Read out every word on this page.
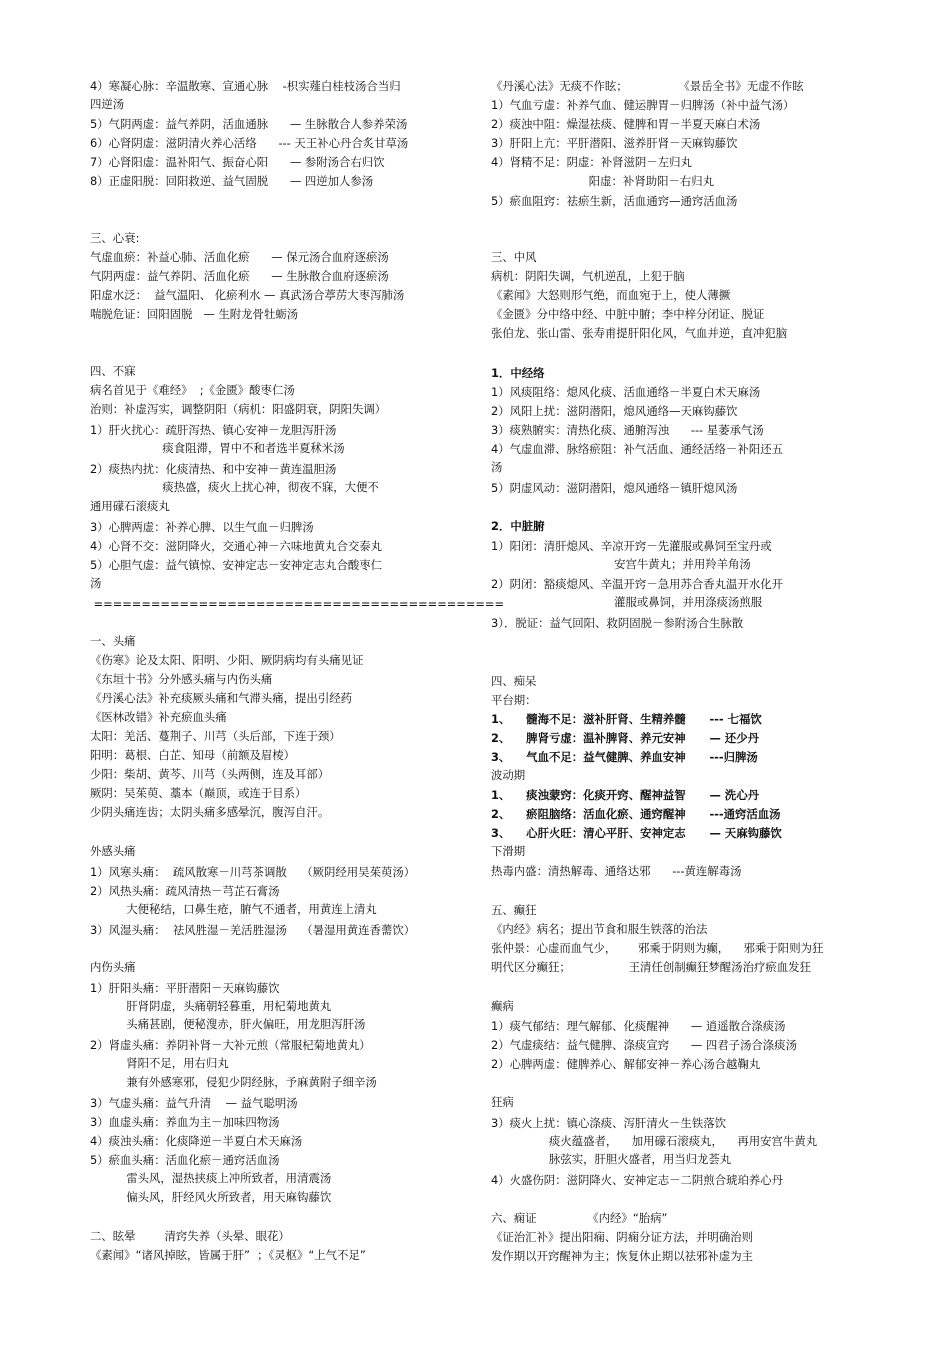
4）寒凝心脉：辛温散寒、宣通心脉    -枳实薤白桂枝汤合当归
四逆汤
5）气阴两虚：益气养阴，活血通脉      — 生脉散合人参养荣汤
6）心肾阴虚：滋阴清火养心活络      --- 天王补心丹合炙甘草汤
7）心肾阳虚：温补阳气、振奋心阳      — 参附汤合右归饮
8）正虚阳脱：回阳救逆、益气固脱      — 四逆加人参汤
三、心衰:
气虚血瘀：补益心肺、活血化瘀      — 保元汤合血府逐瘀汤
气阴两虚：益气养阴、活血化瘀      — 生脉散合血府逐瘀汤
阳虚水泛：  益气温阳、 化瘀利水 — 真武汤合葶苈大枣泻肺汤
喘脱危证：回阳固脱   — 生附龙骨牡蛎汤
四、不寐
病名首见于《难经》  ;《金匮》酸枣仁汤
治则：补虚泻实，调整阴阳（病机：阳盛阴衰，阴阳失调）
1）肝火扰心：疏肝泻热、镇心安神－龙胆泻肝汤
痰食阻滞，胃中不和者选半夏秫米汤
2）痰热内扰：化痰清热、和中安神－黄连温胆汤
痰热盛，痰火上扰心神，彻夜不寐，大便不
通用礞石滚痰丸
3）心脾两虚：补养心脾、以生气血－归脾汤
4）心肾不交：滋阴降火，交通心神－六味地黄丸合交泰丸
5）心胆气虚：益气镇惊、安神定志－安神定志丸合酸枣仁
汤
===========================================
一、头痛
《伤寒》论及太阳、阳明、少阳、厥阴病均有头痛见证
《东垣十书》分外感头痛与内伤头痛
《丹溪心法》补充痰厥头痛和气滞头痛，提出引经药
《医林改错》补充瘀血头痛
太阳：羌活、蔓荆子、川芎（头后部，下连于颈）
阳明：葛根、白芷、知母（前额及眉棱）
少阳：柴胡、黄芩、川芎（头两侧，连及耳部）
厥阴：吴茱萸、藁本（巅顶，或连于目系）
少阴头痛连齿；太阴头痛多感晕沉，腹泻自汗。
外感头痛
1）风寒头痛：  疏风散寒－川芎茶调散    （厥阴经用吴茱萸汤）
2）风热头痛：疏风清热－芎芷石膏汤
大便秘结，口鼻生疮，腑气不通者，用黄连上清丸
3）风湿头痛：  祛风胜湿－羌活胜湿汤    （暑湿用黄连香薷饮）
内伤头痛
1）肝阳头痛：平肝潜阳－天麻钩藤饮
肝肾阴虚，头痛朝轻暮重，用杞菊地黄丸
头痛甚剧，便秘溲赤，肝火偏旺，用龙胆泻肝汤
2）肾虚头痛：养阴补肾－大补元煎（常服杞菊地黄丸）
肾阳不足，用右归丸
兼有外感寒邪，侵犯少阴经脉，予麻黄附子细辛汤
3）气虚头痛：益气升清    — 益气聪明汤
3）血虚头痛：养血为主－加味四物汤
4）痰浊头痛：化痰降逆－半夏白术天麻汤
5）瘀血头痛：活血化瘀－通窍活血汤
雷头风，湿热挟痰上冲所致者，用清震汤
偏头风，肝经风火所致者，用天麻钩藤饮
二、眩晕        清窍失养（头晕、眼花）
《素闻》“诸风掉眩，皆属于肝”  ；《灵枢》“上气不足”
《丹溪心法》无痰不作眩；              《景岳全书》无虚不作眩
1）气血亏虚：补养气血、健运脾胃－归脾汤（补中益气汤）
2）痰浊中阻：燥湿祛痰、健脾和胃－半夏天麻白术汤
3）肝阳上亢：平肝潜阳、滋养肝肾－天麻钩藤饮
4）肾精不足：阴虚：补肾滋阴－左归丸
阳虚：补肾助阳－右归丸
5）瘀血阻窍：祛瘀生新，活血通窍—通窍活血汤
三、中风
病机：阴阳失调，气机逆乱，上犯于脑
《素闻》大怒则形气绝，而血宛于上，使人薄撅
《金匮》分中络中经、中脏中腑；李中梓分闭证、脱证
张伯龙、张山雷、张寿甫提肝阳化风，气血并逆，直冲犯脑
1．中经络
1）风痰阻络：熄风化痰、活血通络－半夏白术天麻汤
2）风阳上扰：滋阴潜阳，熄风通络—天麻钩藤饮
3）痰熟腑实：清热化痰、通腑泻浊      --- 星萎承气汤
4）气虚血滞、脉络瘀阻：补气活血、通经活络－补阳还五
汤
5）阴虚风动：滋阴潜阳，熄风通络－镇肝熄风汤
2．中脏腑
1）阳闭：清肝熄风、辛凉开窍－先灌服或鼻饲至宝丹或
安宫牛黄丸；并用羚羊角汤
2）阴闭：豁痰熄风、辛温开窍－急用苏合香丸温开水化开
灌服或鼻饲，并用涤痰汤煎服
3）．脱证：益气回阳、救阴固脱－参附汤合生脉散
四、痴呆
平台期：
1、    髓海不足：滋补肝肾、生精养髓      --- 七福饮
2、    脾肾亏虚：温补脾肾、养元安神      — 还少丹
3、    气血不足：益气健脾、养血安神      ---归脾汤
波动期
1、    痰浊蒙窍：化痰开窍、醒神益智      — 洗心丹
2、    瘀阻脑络：活血化瘀、通窍醒神      ---通窍活血汤
3、    心肝火旺：清心平肝、安神定志      — 天麻钩藤饮
下滑期
热毒内盛：清热解毒、通络达邪      ---黄连解毒汤
五、癫狂
《内经》病名；提出节食和服生铁落的治法
张仲景：心虚而血气少，      邪乘于阴则为癫，    邪乘于阳则为狂
明代区分癫狂；                王清任创制癫狂梦醒汤治疗瘀血发狂
癫病
1）痰气郁结：理气解郁、化痰醒神      — 逍遥散合涤痰汤
2）气虚痰结：益气健脾、涤痰宣窍      — 四君子汤合涤痰汤
2）心脾两虚：健脾养心、解郁安神－养心汤合越鞠丸
狂病
3）痰火上扰：镇心涤痰、泻肝清火－生铁落饮
痰火蕴盛者，    加用礞石滚痰丸，    再用安宫牛黄丸
脉弦实，肝胆火盛者，用当归龙荟丸
4）火盛伤阴：滋阴降火、安神定志－二阴煎合琥珀养心丹
六、痫证              《内经》“胎病”
《证治汇补》提出阳痫、阴痫分证方法，并明确治则
发作期以开窍醒神为主；恢复休止期以祛邪补虚为主
